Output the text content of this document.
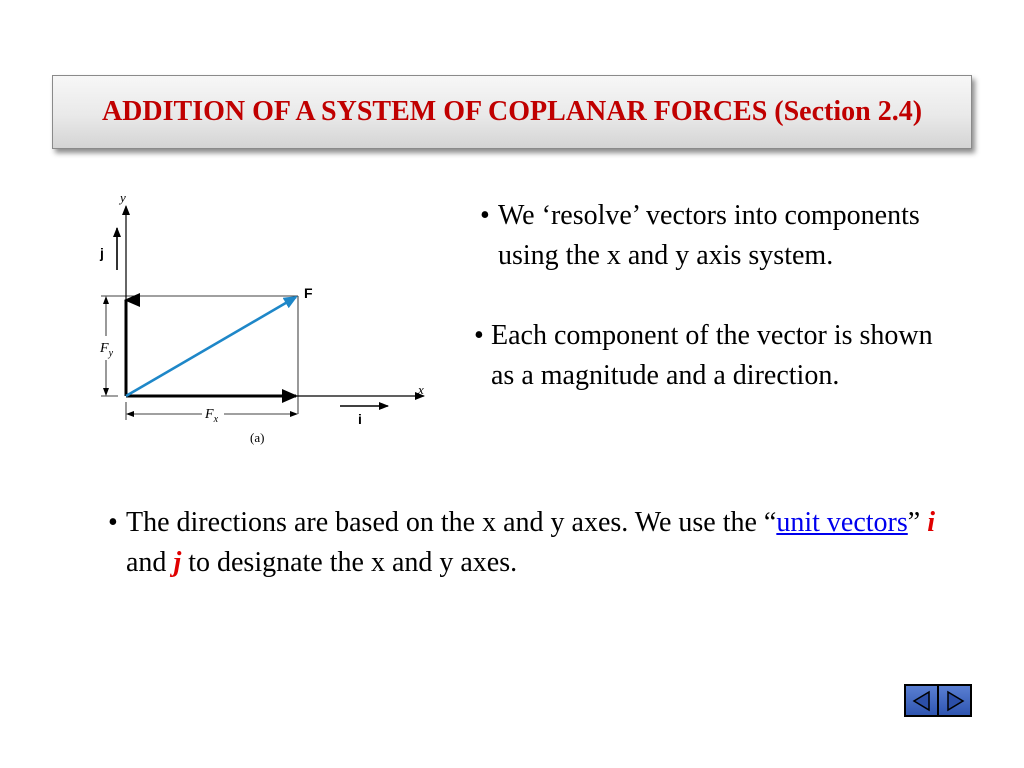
ADDITION OF A SYSTEM OF COPLANAR FORCES (Section 2.4)
y
x
F
$F_y$
$F_x$
j
i
(a)
• We ‘resolve’ vectors into components using the x and y axis system.
• Each component of the vector is shown as a magnitude and a direction.
• The directions are based on the x and y axes. We use the “unit vectors” i and j to designate the x and y axes.
